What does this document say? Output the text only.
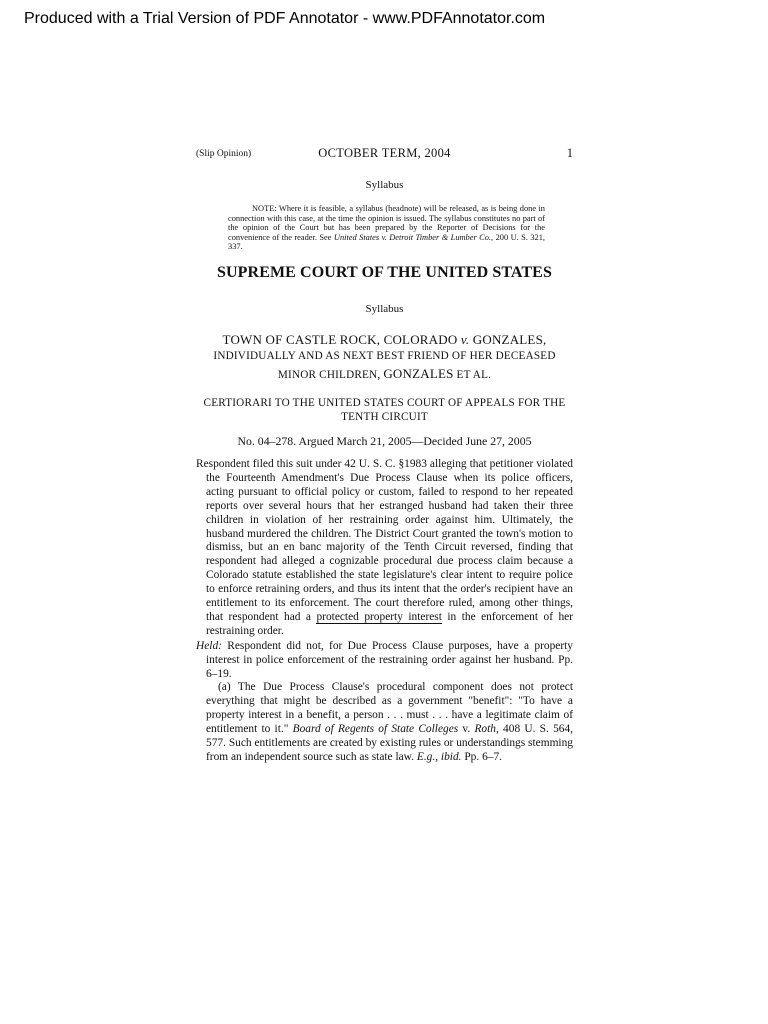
Produced with a Trial Version of PDF Annotator - www.PDFAnnotator.com
(Slip Opinion)	OCTOBER TERM, 2004	1
Syllabus
NOTE: Where it is feasible, a syllabus (headnote) will be released, as is being done in connection with this case, at the time the opinion is issued. The syllabus constitutes no part of the opinion of the Court but has been prepared by the Reporter of Decisions for the convenience of the reader. See United States v. Detroit Timber & Lumber Co., 200 U. S. 321, 337.
SUPREME COURT OF THE UNITED STATES
Syllabus
TOWN OF CASTLE ROCK, COLORADO v. GONZALES,
INDIVIDUALLY AND AS NEXT BEST FRIEND OF HER DECEASED
MINOR CHILDREN, GONZALES ET AL.
CERTIORARI TO THE UNITED STATES COURT OF APPEALS FOR THE TENTH CIRCUIT
No. 04–278. Argued March 21, 2005—Decided June 27, 2005

Respondent filed this suit under 42 U. S. C. §1983 alleging that petitioner violated the Fourteenth Amendment's Due Process Clause when its police officers, acting pursuant to official policy or custom, failed to respond to her repeated reports over several hours that her estranged husband had taken their three children in violation of her restraining order against him. Ultimately, the husband murdered the children. The District Court granted the town's motion to dismiss, but an en banc majority of the Tenth Circuit reversed, finding that respondent had alleged a cognizable procedural due process claim because a Colorado statute established the state legislature's clear intent to require police to enforce retraining orders, and thus its intent that the order's recipient have an entitlement to its enforcement. The court therefore ruled, among other things, that respondent had a protected property interest in the enforcement of her restraining order.

Held: Respondent did not, for Due Process Clause purposes, have a property interest in police enforcement of the restraining order against her husband. Pp. 6–19.

(a) The Due Process Clause's procedural component does not protect everything that might be described as a government "benefit": "To have a property interest in a benefit, a person . . . must . . . have a legitimate claim of entitlement to it." Board of Regents of State Colleges v. Roth, 408 U. S. 564, 577. Such entitlements are created by existing rules or understandings stemming from an independent source such as state law. E.g., ibid. Pp. 6–7.
